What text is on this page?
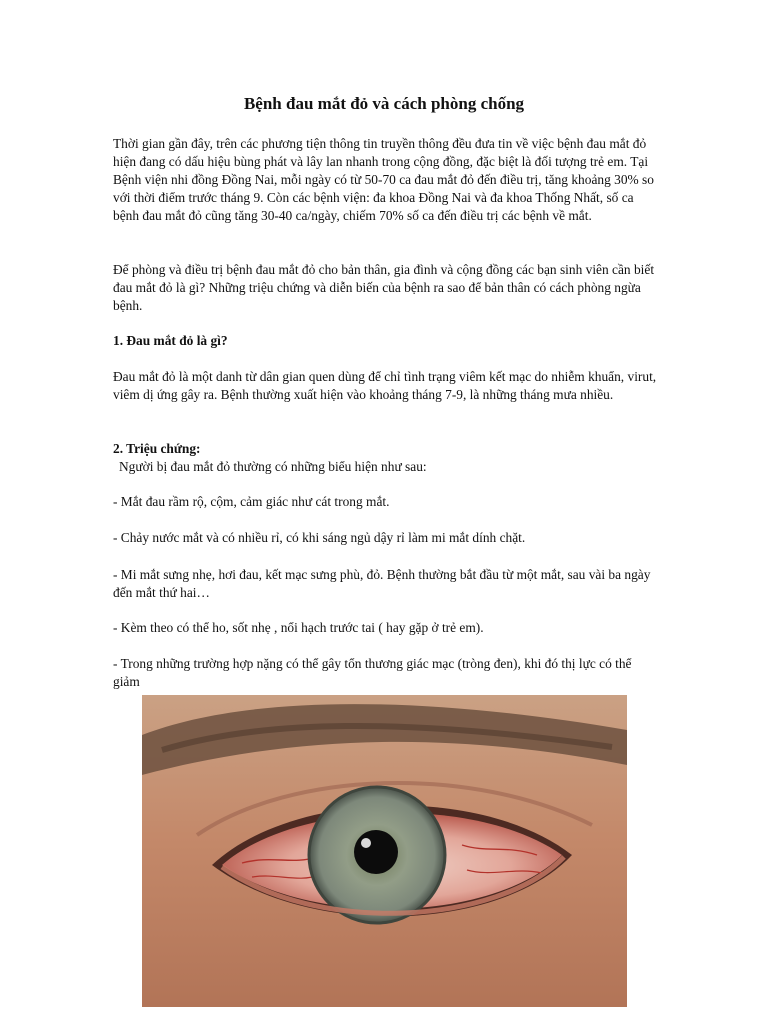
Bệnh đau mắt đỏ và cách phòng chống
Thời gian gần đây, trên các phương tiện thông tin truyền thông đều đưa tin về việc bệnh đau mắt đỏ hiện đang có dấu hiệu bùng phát và lây lan nhanh trong cộng đồng, đặc biệt là đối tượng trẻ em. Tại Bệnh viện nhi đồng Đồng Nai, mỗi ngày có từ 50-70 ca đau mắt đỏ đến điều trị, tăng khoảng 30% so với thời điểm trước tháng 9. Còn các bệnh viện: đa khoa Đồng Nai và đa khoa Thống Nhất, số ca bệnh đau mắt đỏ cũng tăng 30-40 ca/ngày, chiếm 70% số ca đến điều trị các bệnh về mắt.
Để phòng và điều trị bệnh đau mắt đỏ cho bản thân, gia đình và cộng đồng các bạn sinh viên cần biết đau mắt đỏ là gì? Những triệu chứng và diễn biến của bệnh ra sao để bản thân có cách phòng ngừa bệnh.
1. Đau mắt đỏ là gì?
Đau mắt đỏ là một danh từ dân gian quen dùng để chỉ tình trạng viêm kết mạc do nhiễm khuẩn, virut, viêm dị ứng gây ra. Bệnh thường xuất hiện vào khoảng tháng 7-9, là những tháng mưa nhiều.
2. Triệu chứng:
Người bị đau mắt đỏ thường có những biểu hiện như sau:
- Mắt đau rầm rộ, cộm, cảm giác như cát trong mắt.
- Chảy nước mắt và có nhiều rỉ, có khi sáng ngủ dậy rỉ làm mi mắt dính chặt.
- Mi mắt sưng nhẹ, hơi đau, kết mạc sưng phù, đỏ. Bệnh thường bắt đầu từ một mắt, sau vài ba ngày đến mắt thứ hai…
- Kèm theo có thể ho, sốt nhẹ , nổi hạch trước tai ( hay gặp ở trẻ em).
- Trong những trường hợp nặng có thể gây tổn thương giác mạc (tròng đen), khi đó thị lực có thể giảm
